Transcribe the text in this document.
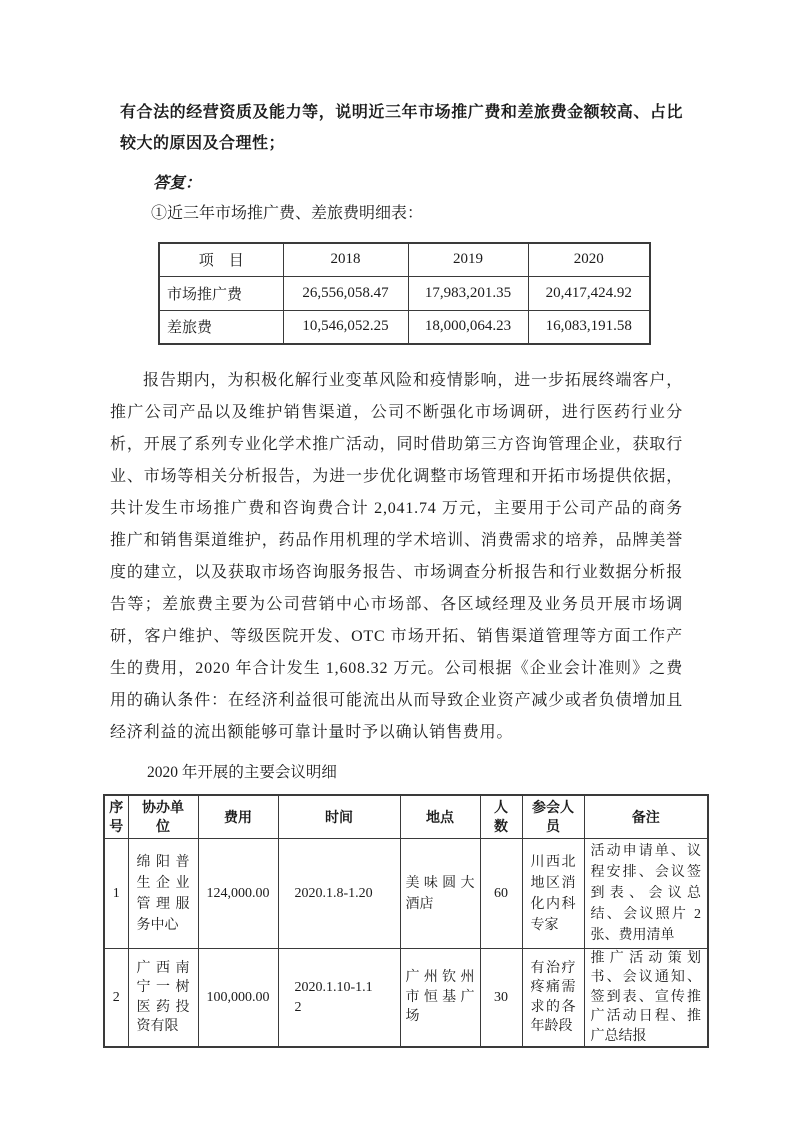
有合法的经营资质及能力等，说明近三年市场推广费和差旅费金额较高、占比较大的原因及合理性；

答复：

①近三年市场推广费、差旅费明细表：

项　目	2018	2019	2020
市场推广费	26,556,058.47	17,983,201.35	20,417,424.92
差旅费	10,546,052.25	18,000,064.23	16,083,191.58

报告期内，为积极化解行业变革风险和疫情影响，进一步拓展终端客户，推广公司产品以及维护销售渠道，公司不断强化市场调研，进行医药行业分析，开展了系列专业化学术推广活动，同时借助第三方咨询管理企业，获取行业、市场等相关分析报告，为进一步优化调整市场管理和开拓市场提供依据，共计发生市场推广费和咨询费合计 2,041.74 万元，主要用于公司产品的商务推广和销售渠道维护，药品作用机理的学术培训、消费需求的培养，品牌美誉度的建立，以及获取市场咨询服务报告、市场调查分析报告和行业数据分析报告等；差旅费主要为公司营销中心市场部、各区域经理及业务员开展市场调研，客户维护、等级医院开发、OTC 市场开拓、销售渠道管理等方面工作产生的费用，2020 年合计发生 1,608.32 万元。公司根据《企业会计准则》之费用的确认条件：在经济利益很可能流出从而导致企业资产减少或者负债增加且经济利益的流出额能够可靠计量时予以确认销售费用。

2020 年开展的主要会议明细

序号	协办单位	费用	时间	地点	人数	参会人员	备注
1	绵阳普生企业管理服务中心	124,000.00	2020.1.8-1.20	美味圆大酒店	60	川西北地区消化内科专家	活动申请单、议程安排、会议签到表、会议总结、会议照片 2 张、费用清单
2	广西南宁一树医药投资有限	100,000.00	2020.1.10-1.12	广州钦州市恒基广场	30	有治疗疼痛需求的各年龄段	推广活动策划书、会议通知、签到表、宣传推广活动日程、推广总结报
